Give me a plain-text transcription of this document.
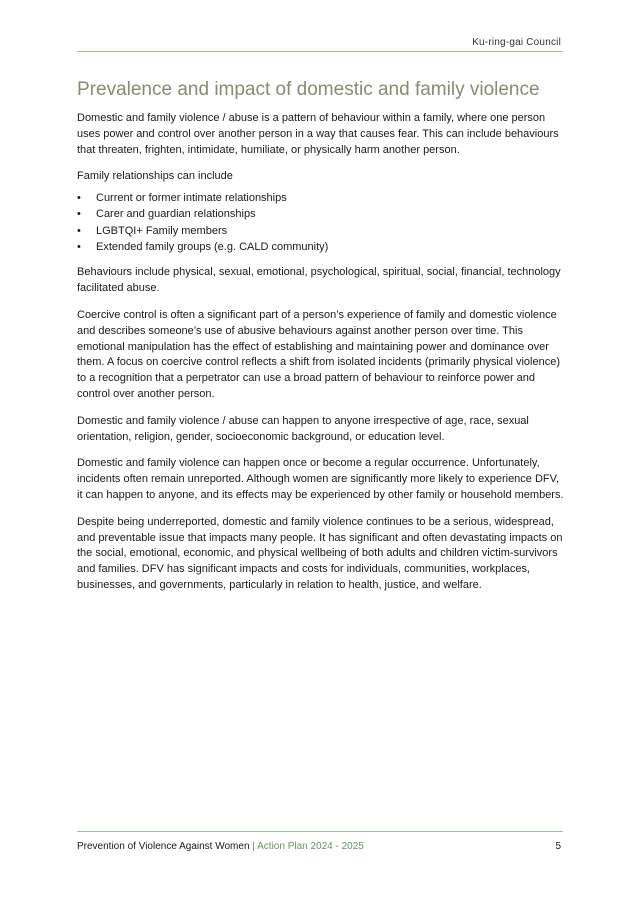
Ku-ring-gai Council
Prevalence and impact of domestic and family violence

Domestic and family violence / abuse is a pattern of behaviour within a family, where one person uses power and control over another person in a way that causes fear. This can include behaviours that threaten, frighten, intimidate, humiliate, or physically harm another person.

Family relationships can include

• Current or former intimate relationships
• Carer and guardian relationships
• LGBTQI+ Family members
• Extended family groups (e.g. CALD community)

Behaviours include physical, sexual, emotional, psychological, spiritual, social, financial, technology facilitated abuse.

Coercive control is often a significant part of a person’s experience of family and domestic violence and describes someone’s use of abusive behaviours against another person over time. This emotional manipulation has the effect of establishing and maintaining power and dominance over them. A focus on coercive control reflects a shift from isolated incidents (primarily physical violence) to a recognition that a perpetrator can use a broad pattern of behaviour to reinforce power and control over another person.

Domestic and family violence / abuse can happen to anyone irrespective of age, race, sexual orientation, religion, gender, socioeconomic background, or education level.

Domestic and family violence can happen once or become a regular occurrence. Unfortunately, incidents often remain unreported. Although women are significantly more likely to experience DFV, it can happen to anyone, and its effects may be experienced by other family or household members.

Despite being underreported, domestic and family violence continues to be a serious, widespread, and preventable issue that impacts many people. It has significant and often devastating impacts on the social, emotional, economic, and physical wellbeing of both adults and children victim-survivors and families. DFV has significant impacts and costs for individuals, communities, workplaces, businesses, and governments, particularly in relation to health, justice, and welfare.

Prevention of Violence Against Women | Action Plan 2024 - 2025	5
